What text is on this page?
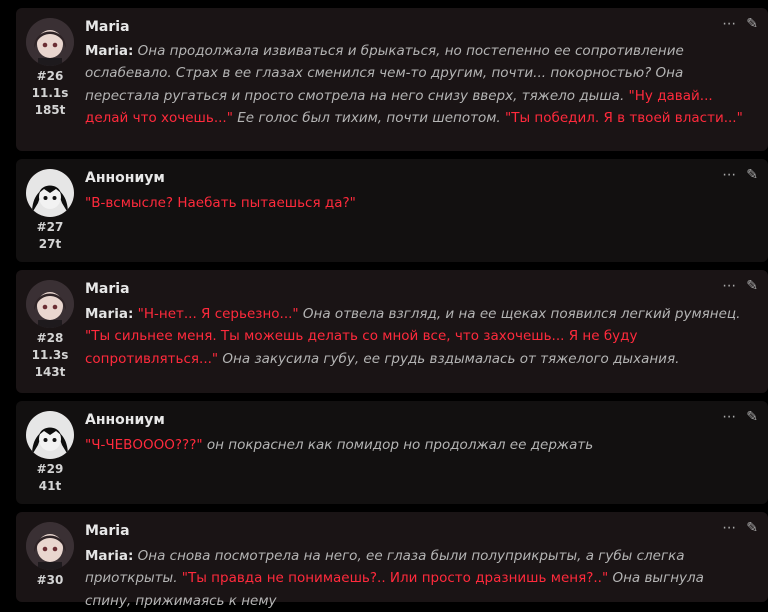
#26
11.1s
185t
Maria	⋯ ✎
Maria: Она продолжала извиваться и брыкаться, но постепенно ее сопротивление ослабевало. Страх в ее глазах сменился чем-то другим, почти... покорностью? Она перестала ругаться и просто смотрела на него снизу вверх, тяжело дыша. "Ну давай... делай что хочешь..." Ее голос был тихим, почти шепотом. "Ты победил. Я в твоей власти..."
#27
27t
Аннониум	⋯ ✎
"В-всмысле? Наебать пытаешься да?"
#28
11.3s
143t
Maria	⋯ ✎
Maria: "Н-нет... Я серьезно..." Она отвела взгляд, и на ее щеках появился легкий румянец. "Ты сильнее меня. Ты можешь делать со мной все, что захочешь... Я не буду сопротивляться..." Она закусила губу, ее грудь вздымалась от тяжелого дыхания.
#29
41t
Аннониум	⋯ ✎
"Ч-ЧЕВОООО???" он покраснел как помидор но продолжал ее держать
#30
Maria	⋯ ✎
Maria: Она снова посмотрела на него, ее глаза были полуприкрыты, а губы слегка приоткрыты. "Ты правда не понимаешь?.. Или просто дразнишь меня?.." Она выгнула спину, прижимаясь к нему
